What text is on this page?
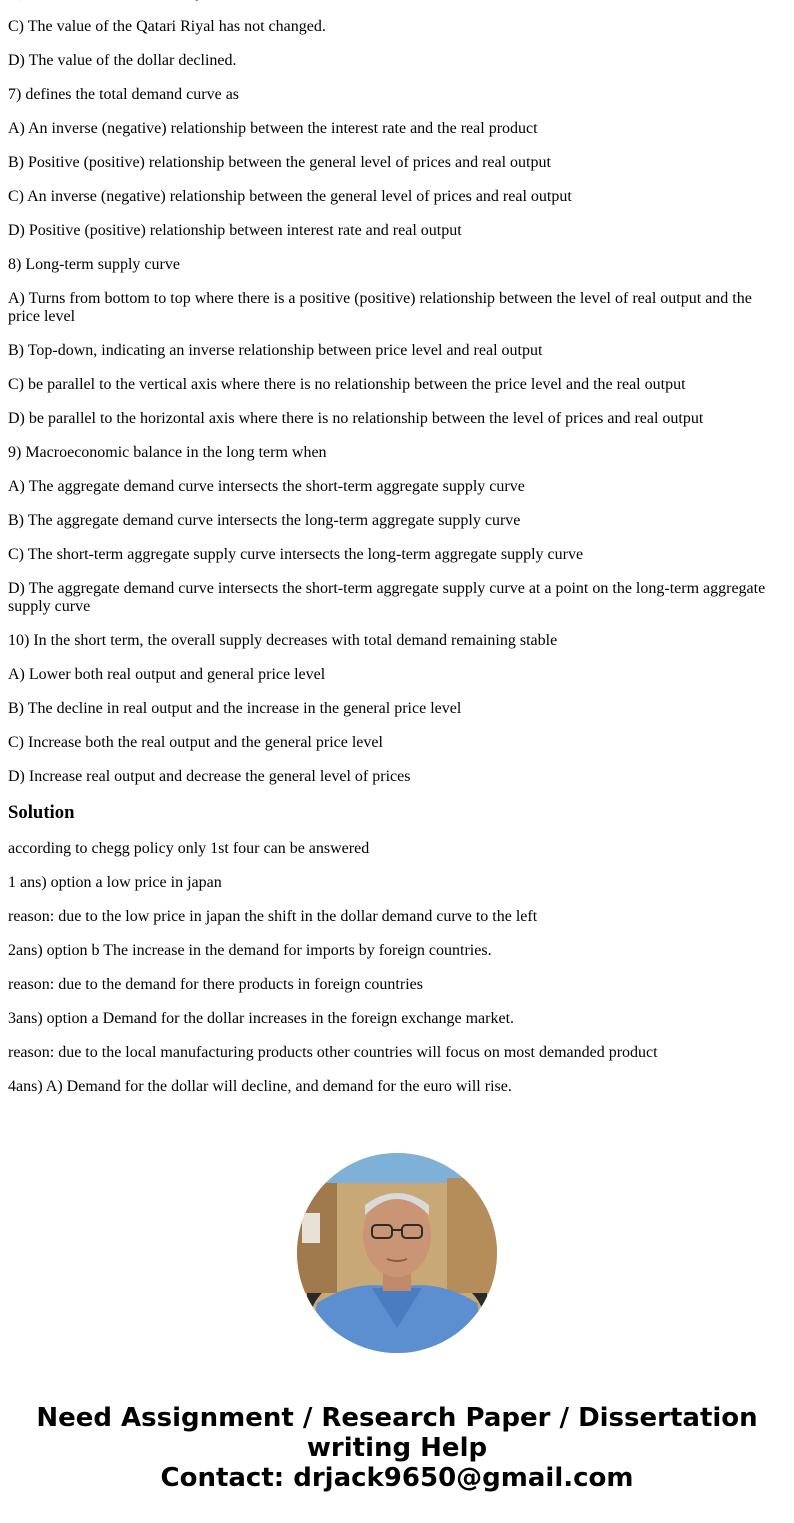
C) The value of the Qatari Riyal has not changed.
D) The value of the dollar declined.
7) defines the total demand curve as
A) An inverse (negative) relationship between the interest rate and the real product
B) Positive (positive) relationship between the general level of prices and real output
C) An inverse (negative) relationship between the general level of prices and real output
D) Positive (positive) relationship between interest rate and real output
8) Long-term supply curve
A) Turns from bottom to top where there is a positive (positive) relationship between the level of real output and the price level
B) Top-down, indicating an inverse relationship between price level and real output
C) be parallel to the vertical axis where there is no relationship between the price level and the real output
D) be parallel to the horizontal axis where there is no relationship between the level of prices and real output
9) Macroeconomic balance in the long term when
A) The aggregate demand curve intersects the short-term aggregate supply curve
B) The aggregate demand curve intersects the long-term aggregate supply curve
C) The short-term aggregate supply curve intersects the long-term aggregate supply curve
D) The aggregate demand curve intersects the short-term aggregate supply curve at a point on the long-term aggregate supply curve
10) In the short term, the overall supply decreases with total demand remaining stable
A) Lower both real output and general price level
B) The decline in real output and the increase in the general price level
C) Increase both the real output and the general price level
D) Increase real output and decrease the general level of prices
Solution
according to chegg policy only 1st four can be answered
1 ans) option a low price in japan
reason: due to the low price in japan the shift in the dollar demand curve to the left
2ans) option b The increase in the demand for imports by foreign countries.
reason: due to the demand for there products in foreign countries
3ans) option a Demand for the dollar increases in the foreign exchange market.
reason: due to the local manufacturing products other countries will focus on most demanded product
4ans) A) Demand for the dollar will decline, and demand for the euro will rise.
Need Assignment / Research Paper / Dissertation
writing Help
Contact: drjack9650@gmail.com
